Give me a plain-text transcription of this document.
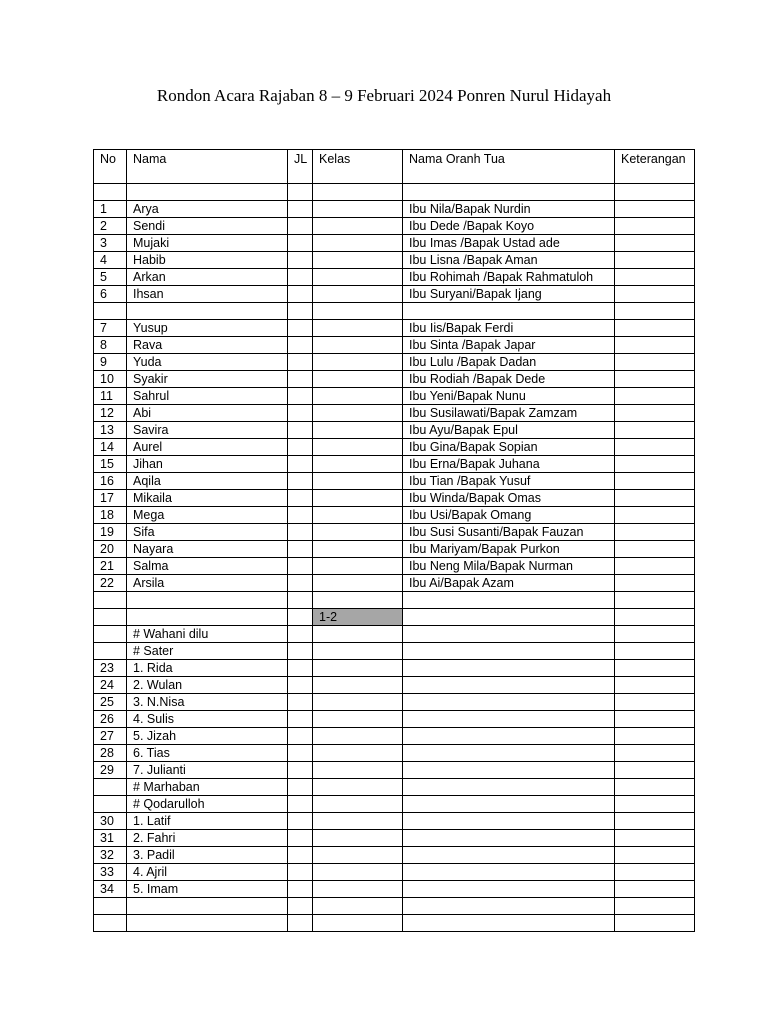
Rondon Acara Rajaban 8 – 9 Februari 2024 Ponren Nurul Hidayah
No	Nama	JL	Kelas	Nama Oranh Tua	Keterangan

1	Arya			Ibu Nila/Bapak Nurdin	
2	Sendi			Ibu Dede /Bapak Koyo	
3	Mujaki			Ibu Imas /Bapak Ustad ade	
4	Habib			Ibu Lisna /Bapak Aman	
5	Arkan			Ibu Rohimah /Bapak Rahmatuloh	
6	Ihsan			Ibu Suryani/Bapak Ijang	

7	Yusup			Ibu Iis/Bapak Ferdi	
8	Rava			Ibu Sinta /Bapak Japar	
9	Yuda			Ibu Lulu /Bapak Dadan	
10	Syakir			Ibu Rodiah /Bapak Dede	
11	Sahrul			Ibu Yeni/Bapak Nunu	
12	Abi			Ibu Susilawati/Bapak Zamzam	
13	Savira			Ibu Ayu/Bapak Epul	
14	Aurel			Ibu Gina/Bapak Sopian	
15	Jihan			Ibu Erna/Bapak Juhana	
16	Aqila			Ibu Tian /Bapak Yusuf	
17	Mikaila			Ibu Winda/Bapak Omas	
18	Mega			Ibu Usi/Bapak Omang	
19	Sifa			Ibu Susi Susanti/Bapak Fauzan	
20	Nayara			Ibu Mariyam/Bapak Purkon	
21	Salma			Ibu Neng Mila/Bapak Nurman	
22	Arsila			Ibu Ai/Bapak Azam	

			1-2		
	# Wahani dilu				
	# Sater				
23	1. Rida				
24	2. Wulan				
25	3. N.Nisa				
26	4. Sulis				
27	5. Jizah				
28	6. Tias				
29	7. Julianti				
	# Marhaban				
	# Qodarulloh				
30	1. Latif				
31	2. Fahri				
32	3. Padil				
33	4. Ajril				
34	5. Imam				
